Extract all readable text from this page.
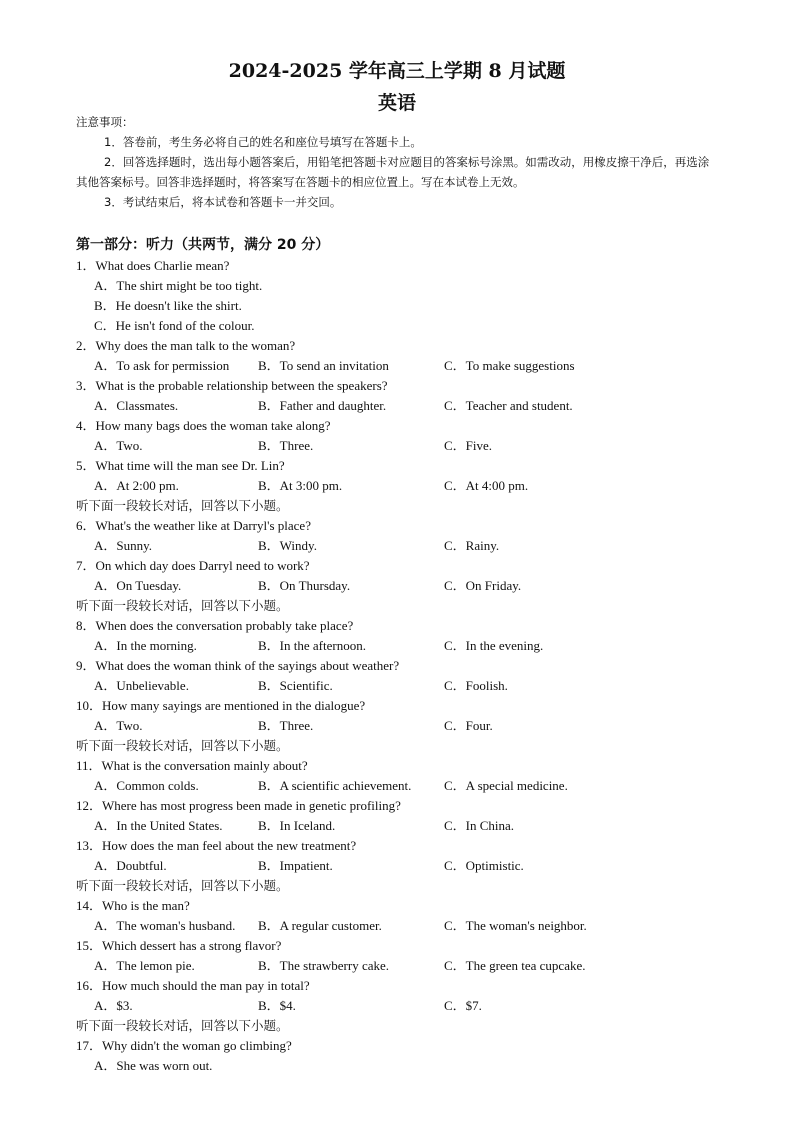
2024-2025 学年高三上学期 8 月试题
英语

注意事项：

1．答卷前，考生务必将自己的姓名和座位号填写在答题卡上。

2．回答选择题时，选出每小题答案后，用铅笔把答题卡对应题目的答案标号涂黑。如需改动，用橡皮擦干净后，再选涂其他答案标号。回答非选择题时，将答案写在答题卡的相应位置上。写在本试卷上无效。

3．考试结束后，将本试卷和答题卡一并交回。

第一部分：听力（共两节，满分 20 分）
1．What does Charlie mean?
A．The shirt might be too tight.
B．He doesn't like the shirt.
C．He isn't fond of the colour.
2．Why does the man talk to the woman?
A．To ask for permission B．To send an invitation	C．To make suggestions
3．What is the probable relationship between the speakers?
A．Classmates.	B．Father and daughter.	C．Teacher and student.
4．How many bags does the woman take along?
A．Two.	B．Three.	C．Five.
5．What time will the man see Dr. Lin?
A．At 2:00 pm.	B．At 3:00 pm.	C．At 4:00 pm.
听下面一段较长对话，回答以下小题。
6．What's the weather like at Darryl's place?
A．Sunny.	B．Windy.	C．Rainy.
7．On which day does Darryl need to work?
A．On Tuesday.	B．On Thursday.	C．On Friday.
听下面一段较长对话，回答以下小题。
8．When does the conversation probably take place?
A．In the morning.	B．In the afternoon.	C．In the evening.
9．What does the woman think of the sayings about weather?
A．Unbelievable.	B．Scientific.	C．Foolish.
10．How many sayings are mentioned in the dialogue?
A．Two.	B．Three.	C．Four.
听下面一段较长对话，回答以下小题。
11．What is the conversation mainly about?
A．Common colds.	B．A scientific achievement.	C．A special medicine.
12．Where has most progress been made in genetic profiling?
A．In the United States.	B．In Iceland.	C．In China.
13．How does the man feel about the new treatment?
A．Doubtful.	B．Impatient.	C．Optimistic.
听下面一段较长对话，回答以下小题。
14．Who is the man?
A．The woman's husband. B．A regular customer.	C．The woman's neighbor.
15．Which dessert has a strong flavor?
A．The lemon pie.	B．The strawberry cake.	C．The green tea cupcake.
16．How much should the man pay in total?
A．$3.	B．$4.	C．$7.
听下面一段较长对话，回答以下小题。
17．Why didn't the woman go climbing?
A．She was worn out.
